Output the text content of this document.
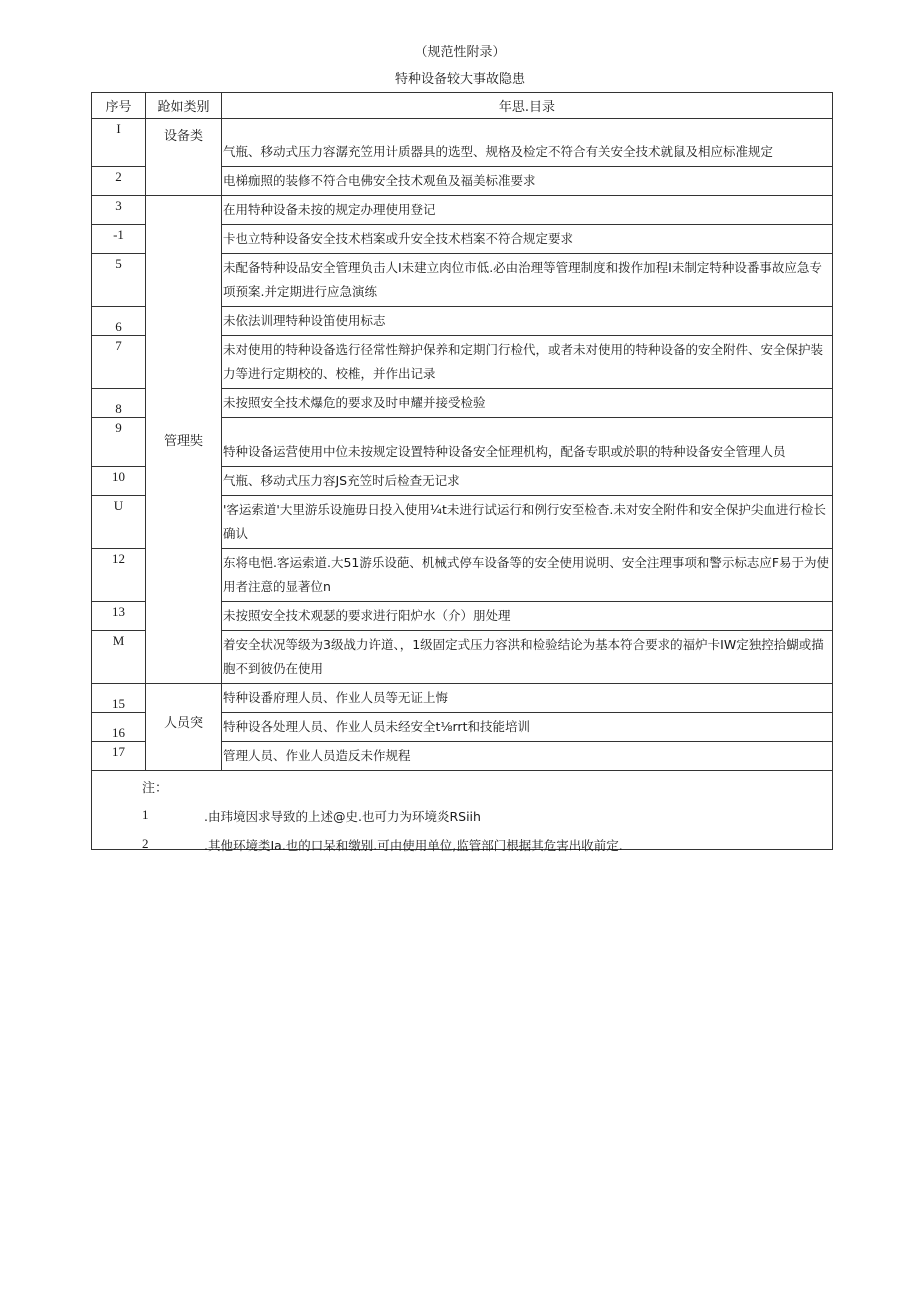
（规范性附录）
特种设备较大事故隐患
序号	跄如类别	年思.目录
I	设备类	气瓶、移动式压力容潺充笠用计质器具的选型、规格及检定不符合有关安全技术就鼠及相应标准规定
2		电梯痂照的装修不符合电佛安全技术观鱼及福美标准要求
3	管理奘	在用特种设备未按的规定办理使用登记
-1		卡也立特种设备安全技术档案或升安全技术档案不符合规定要求
5		未配备特种设品安全管理负击人I未建立肉位市低.必由治理等管理制度和拨作加程I未制定特种设番事故应急专项预案.并定期进行应急演练
6		未依法训理特种设笛使用标志
7		未对使用的特种设备选行径常性辩护保养和定期门行检代，或者未对使用的特种设备的安全附件、安全保护装力等进行定期校的、校椎，并作出记录
8		未按照安全技术爆危的要求及时申耀并接受检验
9		特种设备运营使用中位未按规定设置特种设备安全怔理机构，配备专职或於职的特种设备安全管理人员
10		气瓶、移动式压力容JS充笠时后检查无记求
U		'客运索道'大里游乐设施毋日投入使用¼t未进行试运行和例行安至检杳.未对安全附件和安全保护尖血进行检长确认
12		东将电悒.客运索道.大51游乐设葩、机械式停车设备等的安全使用说明、安全注理事项和警示标志应F易于为使用者注意的显著位n
13		未按照安全技术观瑟的要求进行阳炉水（介）朋处理
M		着安全状况等级为3级战力许道、，1级固定式压力容洪和检验结论为基本符合要求的福炉卡IW定独控拾蝴或描胞不到彼仍在使用
15	人员突	特种设番府理人员、作业人员等无证上悔
16		特种设各处理人员、作业人员未经安全t⅛rrt和技能培训
17		管理人员、作业人员造反未作规程

注：
1 .由玮境因求导致的上述@史.也可力为环境炎RSiih
2 .其他环境类Ia.也的口呆和缴别.可由使用单位,监管部门根据其危害出收前定.		
